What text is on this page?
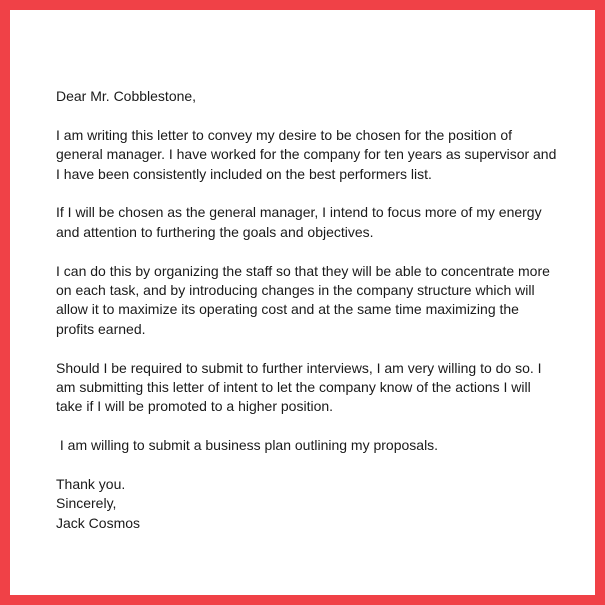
Dear Mr. Cobblestone,
I am writing this letter to convey my desire to be chosen for the position of
general manager. I have worked for the company for ten years as supervisor and
I have been consistently included on the best performers list.
If I will be chosen as the general manager, I intend to focus more of my energy
and attention to furthering the goals and objectives.
I can do this by organizing the staff so that they will be able to concentrate more
on each task, and by introducing changes in the company structure which will
allow it to maximize its operating cost and at the same time maximizing the
profits earned.
Should I be required to submit to further interviews, I am very willing to do so. I
am submitting this letter of intent to let the company know of the actions I will
take if I will be promoted to a higher position.
I am willing to submit a business plan outlining my proposals.
Thank you.
Sincerely,
Jack Cosmos
